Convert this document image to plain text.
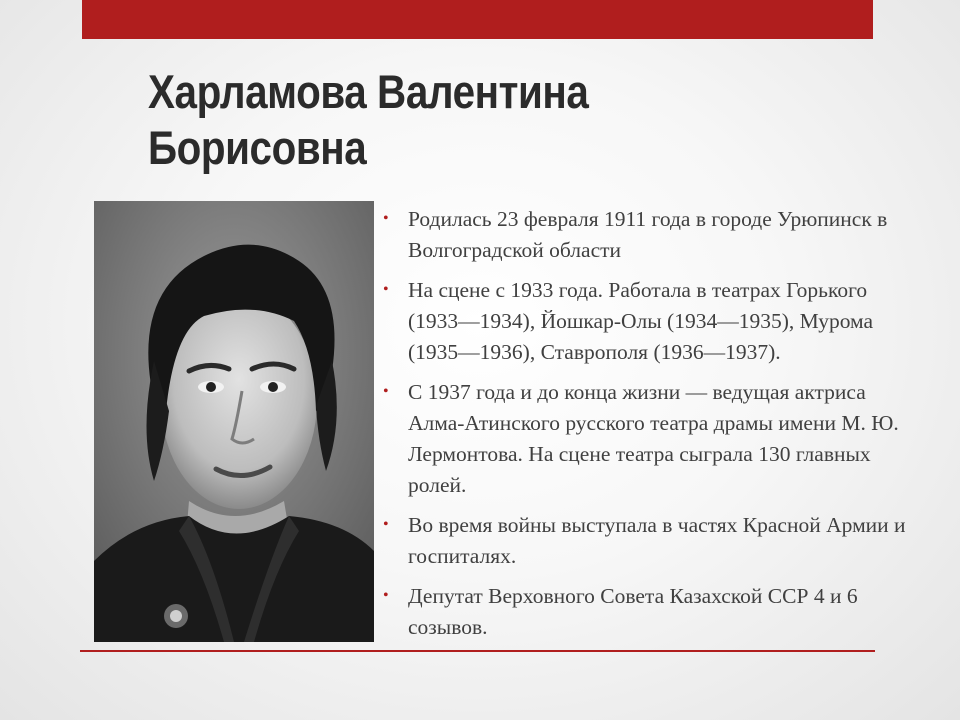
Харламова Валентина
Борисовна
• Родилась 23 февраля 1911 года в городе Урюпинск в Волгоградской области
• На сцене с 1933 года. Работала в театрах Горького (1933—1934), Йошкар-Олы (1934—1935), Мурома (1935—1936), Ставрополя (1936—1937).
• С 1937 года и до конца жизни — ведущая актриса Алма-Атинского русского театра драмы имени М. Ю. Лермонтова. На сцене театра сыграла 130 главных ролей.
• Во время войны выступала в частях Красной Армии и госпиталях.
• Депутат Верховного Совета Казахской ССР 4 и 6 созывов.
